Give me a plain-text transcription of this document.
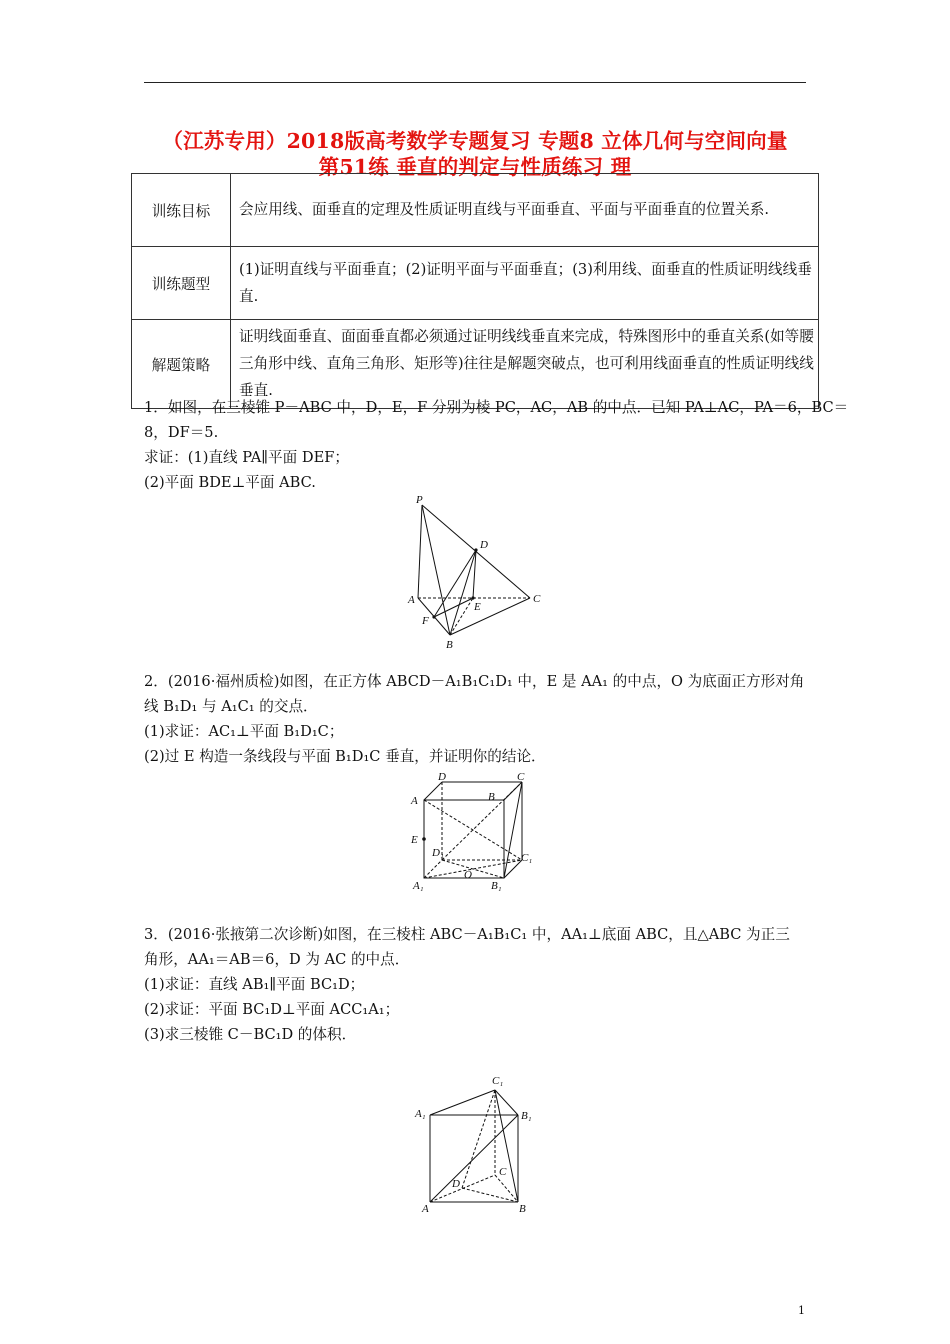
（江苏专用）2018版高考数学专题复习 专题8 立体几何与空间向量
第51练 垂直的判定与性质练习 理
训练目标	会应用线、面垂直的定理及性质证明直线与平面垂直、平面与平面垂直的位置关系.
训练题型	(1)证明直线与平面垂直；(2)证明平面与平面垂直；(3)利用线、面垂直的性质证明线线垂直.
解题策略	证明线面垂直、面面垂直都必须通过证明线线垂直来完成，特殊图形中的垂直关系(如等腰三角形中线、直角三角形、矩形等)往往是解题突破点，也可利用线面垂直的性质证明线线垂直.
1．如图，在三棱锥 P－ABC 中，D，E，F 分别为棱 PC，AC，AB 的中点．已知 PA⊥AC，PA＝6，BC＝
8，DF＝5.
求证：(1)直线 PA∥平面 DEF；
(2)平面 BDE⊥平面 ABC.
P
D
A
E
C
F
B
2．(2016·福州质检)如图，在正方体 ABCD－A₁B₁C₁D₁ 中，E 是 AA₁ 的中点，O 为底面正方形对角
线 B₁D₁ 与 A₁C₁ 的交点．
(1)求证：AC₁⊥平面 B₁D₁C；
(2)过 E 构造一条线段与平面 B₁D₁C 垂直，并证明你的结论．
D	C
A	B
E
D₁	C₁
A₁
O
B₁
3．(2016·张掖第二次诊断)如图，在三棱柱 ABC－A₁B₁C₁ 中，AA₁⊥底面 ABC，且△ABC 为正三
角形，AA₁＝AB＝6，D 为 AC 的中点．
(1)求证：直线 AB₁∥平面 BC₁D；
(2)求证：平面 BC₁D⊥平面 ACC₁A₁；
(3)求三棱锥 C－BC₁D 的体积．
C₁
A₁	B₁
C
D
A	B
1
